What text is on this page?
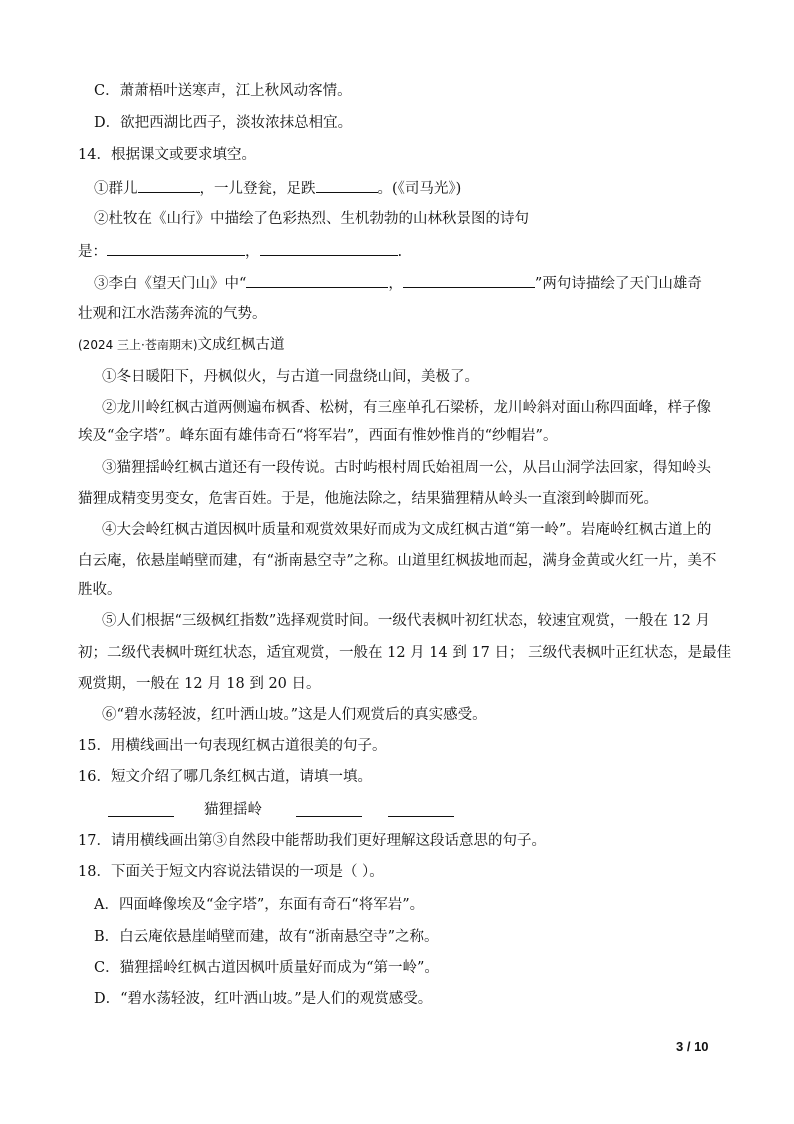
C．萧萧梧叶送寒声，江上秋风动客情。
D．欲把西湖比西子，淡妆浓抹总相宜。
14．根据课文或要求填空。
①群儿	，一儿登瓮，足跌	。(《司马光》)
②杜牧在《山行》中描绘了色彩热烈、生机勃勃的山林秋景图的诗句
是：	，	.
③李白《望天门山》中“	，	”两句诗描绘了天门山雄奇
壮观和江水浩荡奔流的气势。
(2024 三上·苍南期末)文成红枫古道
①冬日暖阳下，丹枫似火，与古道一同盘绕山间，美极了。
②龙川岭红枫古道两侧遍布枫香、松树，有三座单孔石梁桥，龙川岭斜对面山称四面峰，样子像
埃及“金字塔”。峰东面有雄伟奇石“将军岩”，西面有惟妙惟肖的“纱帽岩”。
③猫狸揺岭红枫古道还有一段传说。古时屿根村周氏始祖周一公，从吕山洞学法回家，得知岭头
猫狸成精变男变女，危害百姓。于是，他施法除之，结果猫狸精从岭头一直滚到岭脚而死。
④大会岭红枫古道因枫叶质量和观赏效果好而成为文成红枫古道“第一岭”。岩庵岭红枫古道上的
白云庵，依悬崖峭壁而建，有“浙南悬空寺”之称。山道里红枫拔地而起，满身金黄或火红一片，美不
胜收。
⑤人们根据“三级枫红指数”选择观赏时间。一级代表枫叶初红状态，较速宜观赏，一般在 12 月
初；二级代表枫叶斑红状态，适宜观赏，一般在 12 月 14 到 17 日； 三级代表枫叶正红状态，是最佳
观赏期，一般在 12 月 18 到 20 日。
⑥“碧水荡轻波，红叶洒山坡。”这是人们观赏后的真实感受。
15．用横线画出一句表现红枫古道很美的句子。
16．短文介绍了哪几条红枫古道，请填一填。
猫狸揺岭
17．请用横线画出第③自然段中能帮助我们更好理解这段话意思的句子。
18．下面关于短文内容说法错误的一项是（ ）。
A．四面峰像埃及“金字塔”，东面有奇石“将军岩”。
B．白云庵依悬崖峭壁而建，故有“浙南悬空寺”之称。
C．猫狸揺岭红枫古道因枫叶质量好而成为“第一岭”。
D．“碧水荡轻波，红叶洒山坡。”是人们的观赏感受。
3 / 10
